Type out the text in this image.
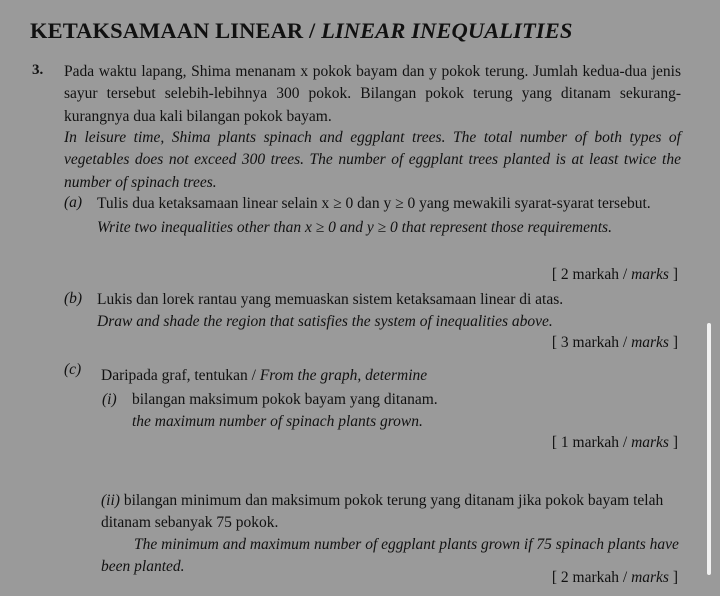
KETAKSAMAAN LINEAR / LINEAR INEQUALITIES
3. Pada waktu lapang, Shima menanam x pokok bayam dan y pokok terung. Jumlah kedua-dua jenis sayur tersebut selebih-lebihnya 300 pokok. Bilangan pokok terung yang ditanam sekurang-kurangnya dua kali bilangan pokok bayam.
In leisure time, Shima plants spinach and eggplant trees. The total number of both types of vegetables does not exceed 300 trees. The number of eggplant trees planted is at least twice the number of spinach trees.
(a) Tulis dua ketaksamaan linear selain x ≥ 0 dan y ≥ 0 yang mewakili syarat-syarat tersebut.
Write two inequalities other than x ≥ 0 and y ≥ 0 that represent those requirements.
[ 2 markah / marks ]
(b) Lukis dan lorek rantau yang memuaskan sistem ketaksamaan linear di atas.
Draw and shade the region that satisfies the system of inequalities above.
[ 3 markah / marks ]
(c) Daripada graf, tentukan / From the graph, determine
(i) bilangan maksimum pokok bayam yang ditanam.
the maximum number of spinach plants grown.
[ 1 markah / marks ]
(ii) bilangan minimum dan maksimum pokok terung yang ditanam jika pokok bayam telah ditanam sebanyak 75 pokok.
The minimum and maximum number of eggplant plants grown if 75 spinach plants have been planted.
[ 2 markah / marks ]
